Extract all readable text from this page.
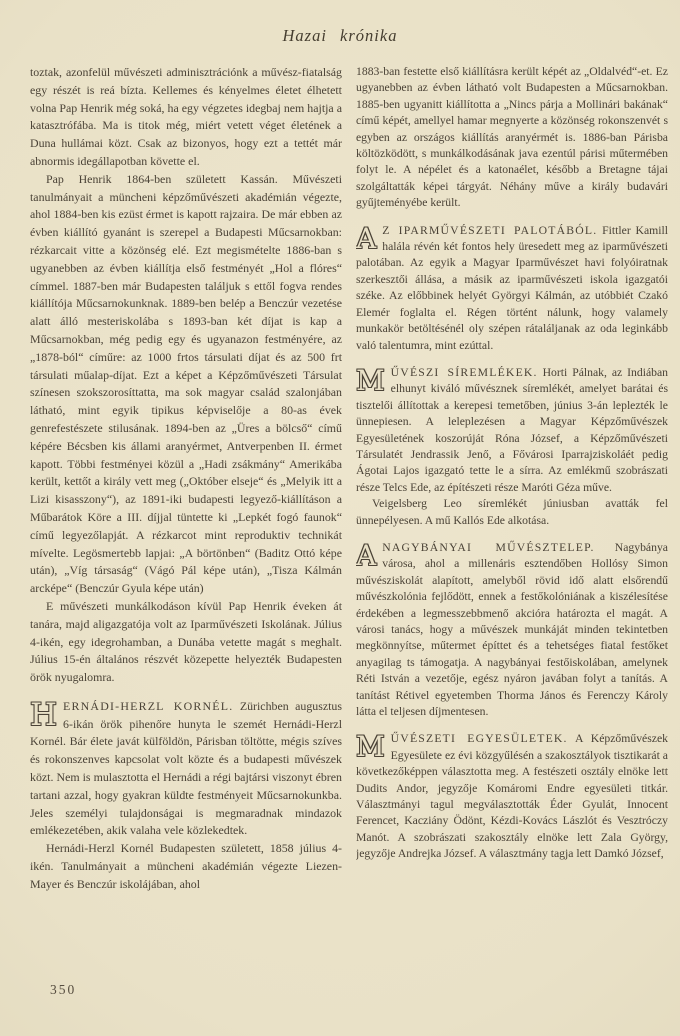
Hazai krónika

toztak, azonfelül művészeti adminisztrációnk a művész-fiatalság egy részét is reá bízta. Kellemes és kényelmes életet élhetett volna Pap Henrik még soká, ha egy végzetes idegbaj nem hajtja a katasztrófába. Ma is titok még, miért vetett véget életének a Duna hullámai közt. Csak az bizonyos, hogy ezt a tettét már abnormis idegállapotban követte el.

Pap Henrik 1864-ben született Kassán. Művészeti tanulmányait a müncheni képzőművészeti akadémián végezte, ahol 1884-ben kis ezüst érmet is kapott rajzaira. De már ebben az évben kiállító gyanánt is szerepel a Budapesti Műcsarnokban: rézkarcait vitte a közönség elé. Ezt megismételte 1886-ban s ugyanebben az évben kiállítja első festményét „Hol a flóres“ címmel. 1887-ben már Budapesten találjuk s ettől fogva rendes kiállítója Műcsarnokunknak. 1889-ben belép a Benczúr vezetése alatt álló mesteriskolába s 1893-ban két díjat is kap a Műcsarnokban, még pedig egy és ugyanazon festményére, az „1878-ból“ címűre: az 1000 frtos társulati díjat és az 500 frt társulati műalap-díjat. Ezt a képet a Képzőművészeti Társulat színesen szokszorosíttatta, ma sok magyar család szalonjában látható, mint egyik tipikus képviselője a 80-as évek genrefestészete stilusának. 1894-ben az „Üres a bölcső“ című képére Bécsben kis állami aranyérmet, Antverpenben II. érmet kapott. Többi festményei közül a „Hadi zsákmány“ Amerikába került, kettőt a király vett meg („Október elseje“ és „Melyik itt a Lizi kisasszony“), az 1891-iki budapesti legyező-kiállításon a Műbarátok Köre a III. díjjal tüntette ki „Lepkét fogó faunok“ című legyezőlapját. A rézkarcot mint reproduktiv technikát mívelte. Legösmertebb lapjai: „A börtönben“ (Baditz Ottó képe után), „Víg társaság“ (Vágó Pál képe után), „Tisza Kálmán arcképe“ (Benczúr Gyula képe után)

E művészeti munkálkodáson kívül Pap Henrik éveken át tanára, majd aligazgatója volt az Iparművészeti Iskolának. Július 4-ikén, egy idegrohamban, a Dunába vetette magát s meghalt. Július 15-én általános részvét közepette helyezték Budapesten örök nyugalomra.

HERNÁDI-HERZL KORNÉL. Zürichben augusztus 6-ikán örök pihenőre hunyta le szemét Hernádi-Herzl Kornél. Bár élete javát külföldön, Párisban töltötte, mégis szíves és rokonszenves kapcsolat volt közte és a budapesti művészek közt. Nem is mulasztotta el Hernádi a régi bajtársi viszonyt ébren tartani azzal, hogy gyakran küldte festményeit Műcsarnokunkba. Jeles személyi tulajdonságai is megmaradnak mindazok emlékezetében, akik valaha vele közlekedtek.

Hernádi-Herzl Kornél Budapesten született, 1858 július 4-ikén. Tanulmányait a müncheni akadémián végezte Liezen-Mayer és Benczúr iskolájában, ahol

1883-ban festette első kiállításra került képét az „Oldalvéd“-et. Ez ugyanebben az évben látható volt Budapesten a Műcsarnokban. 1885-ben ugyanitt kiállította a „Nincs párja a Mollinári bakának“ című képét, amellyel hamar megnyerte a közönség rokonszenvét s egyben az országos kiállítás aranyérmét is. 1886-ban Párisba költözködött, s munkálkodásának java ezentúl párisi műtermében folyt le. A népélet és a katonaélet, később a Bretagne tájai szolgáltatták képei tárgyát. Néhány műve a király budavári gyűjteményébe került.

A Z IPARMŰVÉSZETI PALOTÁBÓL. Fittler Kamill halála révén két fontos hely üresedett meg az iparművészeti palotában. Az egyik a Magyar Iparművészet havi folyóiratnak szerkesztői állása, a másik az iparművészeti iskola igazgatói széke. Az előbbinek helyét Györgyi Kálmán, az utóbbiét Czakó Elemér foglalta el. Régen történt nálunk, hogy valamely munkakör betöltésénél oly szépen rátaláljanak az oda leginkább való talentumra, mint ezúttal.

MŰVÉSZI SÍREMLÉKEK. Horti Pálnak, az Indiában elhunyt kiváló művésznek síremlékét, amelyet barátai és tisztelői állítottak a kerepesi temetőben, június 3-án leplezték le ünnepiesen. A leleplezésen a Magyar Képzőművészek Egyesületének koszorúját Róna József, a Képzőművészeti Társulatét Jendrassik Jenő, a Fővárosi Iparrajziskoláét pedig Ágotai Lajos igazgató tette le a sírra. Az emlékmű szobrászati része Telcs Ede, az építészeti része Maróti Géza műve.

Veigelsberg Leo síremlékét júniusban avatták fel ünnepélyesen. A mű Kallós Ede alkotása.

ANAGYBÁNYAI MŰVÉSZTELEP. Nagybánya városa, ahol a millenáris esztendőben Hollósy Simon művésziskolát alapított, amelyből rövid idő alatt elsőrendű művészkolónia fejlődött, ennek a festőkolóniának a kiszélesítése érdekében a legmesszebbmenő akcióra határozta el magát. A városi tanács, hogy a művészek munkáját minden tekintetben megkönnyítse, műtermet építtet és a tehetséges fiatal festőket anyagilag ts támogatja. A nagybányai festőiskolában, amelynek Réti István a vezetője, egész nyáron javában folyt a tanítás. A tanítást Rétivel egyetemben Thorma János és Ferenczy Károly látta el teljesen díjmentesen.

MŰVÉSZETI EGYESÜLETEK. A Képzőművészek Egyesülete ez évi közgyűlésén a szakosztályok tisztikarát a következőképpen választotta meg. A festészeti osztály elnöke lett Dudits Andor, jegyzője Komáromi Endre egyesületi titkár. Választmányi tagul megválasztották Éder Gyulát, Innocent Ferencet, Kacziány Ödönt, Kézdi-Kovács Lászlót és Vesztróczy Manót. A szobrászati szakosztály elnöke lett Zala György, jegyzője Andrejka József. A választmány tagja lett Damkó József,

350
